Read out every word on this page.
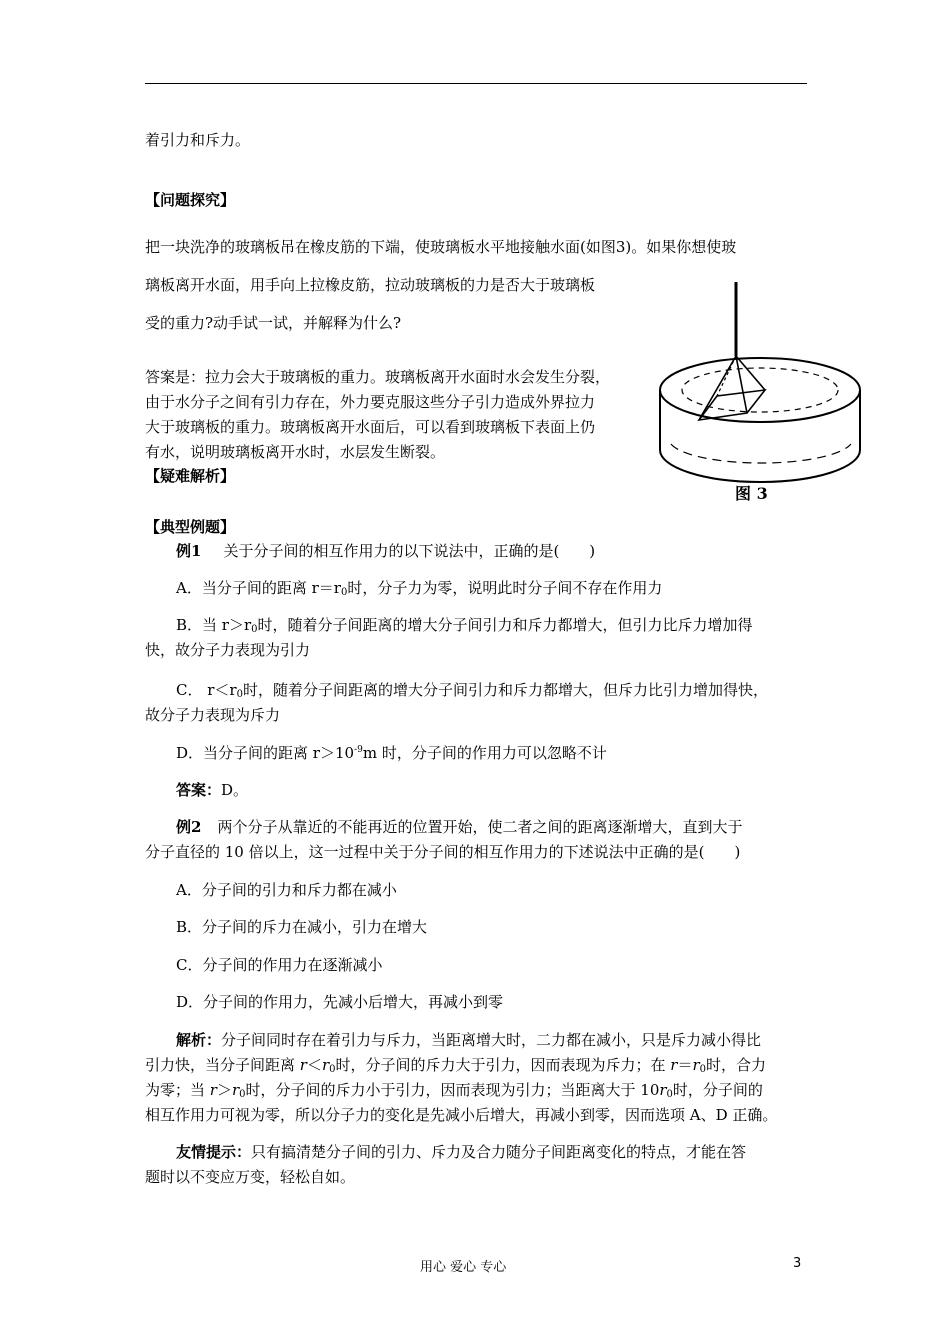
着引力和斥力。
【问题探究】
把一块洗净的玻璃板吊在橡皮筋的下端，使玻璃板水平地接触水面(如图3)。如果你想使玻
璃板离开水面，用手向上拉橡皮筋，拉动玻璃板的力是否大于玻璃板
受的重力?动手试一试，并解释为什么?
答案是：拉力会大于玻璃板的重力。玻璃板离开水面时水会发生分裂，
由于水分子之间有引力存在，外力要克服这些分子引力造成外界拉力
大于玻璃板的重力。玻璃板离开水面后，可以看到玻璃板下表面上仍
有水，说明玻璃板离开水时，水层发生断裂。
【疑难解析】
图 3
【典型例题】
例1 关于分子间的相互作用力的以下说法中，正确的是(　　)
A．当分子间的距离 $r=r_0$时，分子力为零，说明此时分子间不存在作用力
B．当 $r>r_0$时，随着分子间距离的增大分子间引力和斥力都增大，但引力比斥力增加得
快，故分子力表现为引力
C． $r<r_0$时，随着分子间距离的增大分子间引力和斥力都增大，但斥力比引力增加得快，
故分子力表现为斥力
D．当分子间的距离 $r>10^{-9}m$ 时，分子间的作用力可以忽略不计
答案：D。
例2 两个分子从靠近的不能再近的位置开始，使二者之间的距离逐渐增大，直到大于
分子直径的 10 倍以上，这一过程中关于分子间的相互作用力的下述说法中正确的是(　　)
A．分子间的引力和斥力都在减小
B．分子间的斥力在减小，引力在增大
C．分子间的作用力在逐渐减小
D．分子间的作用力，先减小后增大，再减小到零
解析：分子间同时存在着引力与斥力，当距离增大时，二力都在减小，只是斥力减小得比
引力快，当分子间距离 $r<r_0$时，分子间的斥力大于引力，因而表现为斥力；在 $r=r_0$时，合力
为零；当 $r>r_0$时，分子间的斥力小于引力，因而表现为引力；当距离大于 $10r_0$时，分子间的
相互作用力可视为零，所以分子力的变化是先减小后增大，再减小到零，因而选项 A、D 正确。
友情提示：只有搞清楚分子间的引力、斥力及合力随分子间距离变化的特点，才能在答
题时以不变应万变，轻松自如。
用心 爱心 专心	3
